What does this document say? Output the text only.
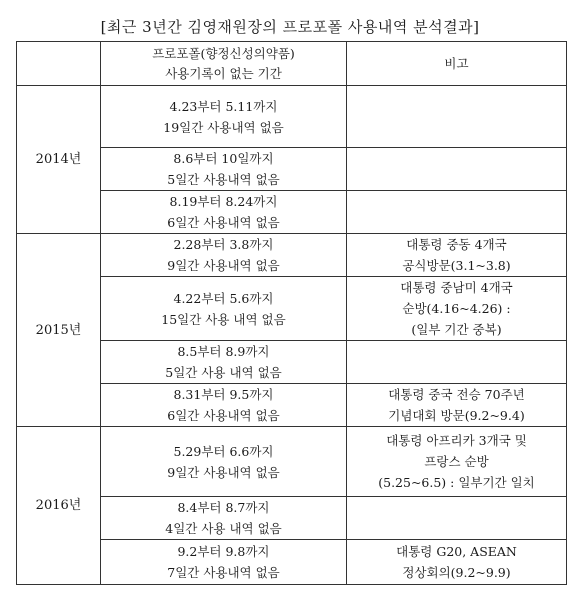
[최근 3년간 김영재원장의 프로포폴 사용내역 분석결과]

	프로포폴(향정신성의약품)
사용기록이 없는 기간	비고
2014년	4.23부터 5.11까지
19일간 사용내역 없음	

	8.6부터 10일까지
5일간 사용내역 없음	

	8.19부터 8.24까지
6일간 사용내역 없음	

2015년	2.28부터 3.8까지
9일간 사용내역 없음	대통령 중동 4개국
공식방문(3.1~3.8)

	4.22부터 5.6까지
15일간 사용 내역 없음	대통령 중남미 4개국
순방(4.16~4.26) :
(일부 기간 중복)

	8.5부터 8.9까지
5일간 사용 내역 없음	

	8.31부터 9.5까지
6일간 사용내역 없음	대통령 중국 전승 70주년
기념대회 방문(9.2~9.4)

2016년	5.29부터 6.6까지
9일간 사용내역 없음	대통령 아프리카 3개국 및
프랑스 순방
(5.25~6.5) : 일부기간 일치

	8.4부터 8.7까지
4일간 사용 내역 없음	

	9.2부터 9.8까지
7일간 사용내역 없음	대통령 G20, ASEAN
정상회의(9.2~9.9)
